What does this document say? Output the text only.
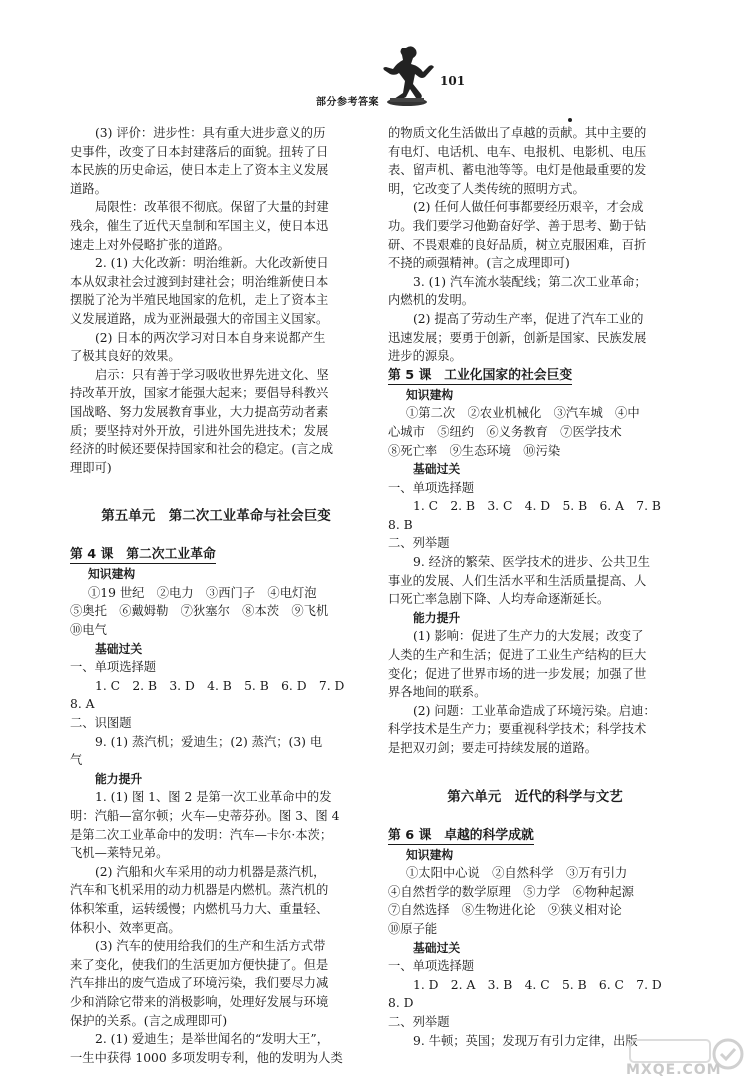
101
部分参考答案
(3) 评价：进步性：具有重大进步意义的历
史事件，改变了日本封建落后的面貌。扭转了日
本民族的历史命运，使日本走上了资本主义发展
道路。
局限性：改革很不彻底。保留了大量的封建
残余，催生了近代天皇制和军国主义，使日本迅
速走上对外侵略扩张的道路。
2. (1) 大化改新：明治维新。大化改新使日
本从奴隶社会过渡到封建社会；明治维新使日本
摆脱了沦为半殖民地国家的危机，走上了资本主
义发展道路，成为亚洲最强大的帝国主义国家。
(2) 日本的两次学习对日本自身来说都产生
了极其良好的效果。
启示：只有善于学习吸收世界先进文化、坚
持改革开放，国家才能强大起来；要倡导科教兴
国战略、努力发展教育事业，大力提高劳动者素
质；要坚持对外开放，引进外国先进技术；发展
经济的时候还要保持国家和社会的稳定。(言之成
理即可)
第五单元　第二次工业革命与社会巨变
第 4 课　第二次工业革命
知识建构
①19 世纪　②电力　③西门子　④电灯泡
⑤奥托　⑥戴姆勒　⑦狄塞尔　⑧本茨　⑨飞机
⑩电气
基础过关
一、单项选择题
1. C　2. B　3. D　4. B　5. B　6. D　7. D
8. A
二、识图题
9. (1) 蒸汽机；爱迪生；(2) 蒸汽；(3) 电
气
能力提升
1. (1) 图 1、图 2 是第一次工业革命中的发
明：汽船—富尔顿；火车—史蒂芬孙。图 3、图 4
是第二次工业革命中的发明：汽车—卡尔·本茨；
飞机—莱特兄弟。
(2) 汽船和火车采用的动力机器是蒸汽机，
汽车和飞机采用的动力机器是内燃机。蒸汽机的
体积笨重，运转缓慢；内燃机马力大、重量轻、
体积小、效率更高。
(3) 汽车的使用给我们的生产和生活方式带
来了变化，使我们的生活更加方便快捷了。但是
汽车排出的废气造成了环境污染，我们要尽力减
少和消除它带来的消极影响，处理好发展与环境
保护的关系。(言之成理即可)
2. (1) 爱迪生；是举世闻名的“发明大王”，
一生中获得 1000 多项发明专利，他的发明为人类
的物质文化生活做出了卓越的贡献。其中主要的
有电灯、电话机、电车、电报机、电影机、电压
表、留声机、蓄电池等等。电灯是他最重要的发
明，它改变了人类传统的照明方式。
(2) 任何人做任何事都要经历艰辛，才会成
功。我们要学习他勤奋好学、善于思考、勤于钻
研、不畏艰难的良好品质，树立克服困难，百折
不挠的顽强精神。(言之成理即可)
3. (1) 汽车流水装配线；第二次工业革命；
内燃机的发明。
(2) 提高了劳动生产率，促进了汽车工业的
迅速发展；要勇于创新，创新是国家、民族发展
进步的源泉。
第 5 课　工业化国家的社会巨变
知识建构
①第二次　②农业机械化　③汽车城　④中
心城市　⑤纽约　⑥义务教育　⑦医学技术
⑧死亡率　⑨生态环境　⑩污染
基础过关
一、单项选择题
1. C　2. B　3. C　4. D　5. B　6. A　7. B
8. B
二、列举题
9. 经济的繁荣、医学技术的进步、公共卫生
事业的发展、人们生活水平和生活质量提高、人
口死亡率急剧下降、人均寿命逐渐延长。
能力提升
(1) 影响：促进了生产力的大发展；改变了
人类的生产和生活；促进了工业生产结构的巨大
变化；促进了世界市场的进一步发展；加强了世
界各地间的联系。
(2) 问题：工业革命造成了环境污染。启迪：
科学技术是生产力；要重视科学技术；科学技术
是把双刃剑；要走可持续发展的道路。
第六单元　近代的科学与文艺
第 6 课　卓越的科学成就
知识建构
①太阳中心说　②自然科学　③万有引力
④自然哲学的数学原理　⑤力学　⑥物种起源
⑦自然选择　⑧生物进化论　⑨狭义相对论
⑩原子能
基础过关
一、单项选择题
1. D　2. A　3. B　4. C　5. B　6. C　7. D
8. D
二、列举题
9. 牛顿；英国；发现万有引力定律，出版
MXQE.COM
